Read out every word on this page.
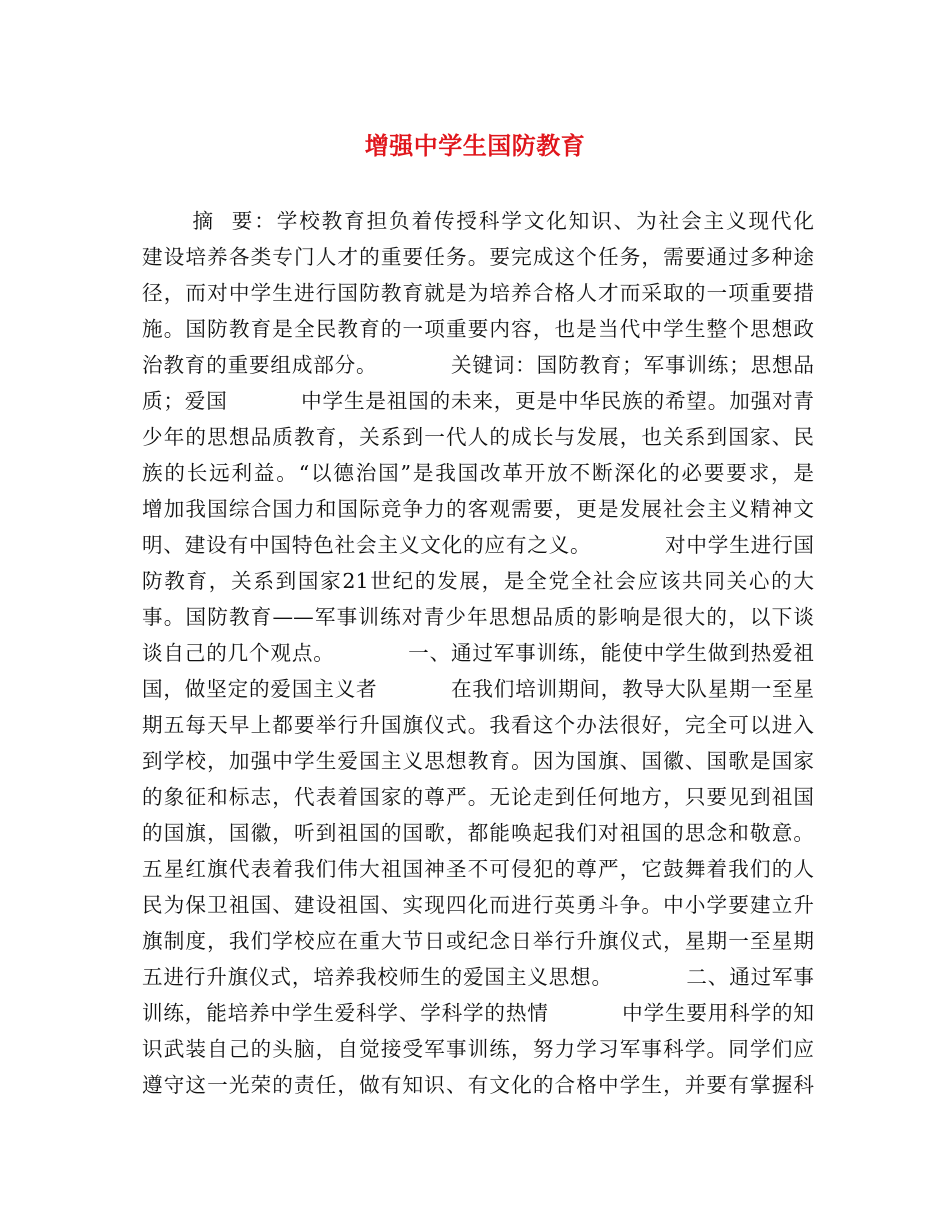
增强中学生国防教育
摘  要：学校教育担负着传授科学文化知识、为社会主义现代化
建设培养各类专门人才的重要任务。要完成这个任务，需要通过多种途
径，而对中学生进行国防教育就是为培养合格人才而采取的一项重要措
施。国防教育是全民教育的一项重要内容，也是当代中学生整个思想政
治教育的重要组成部分。          关键词：国防教育；军事训练；思想品
质；爱国          中学生是祖国的未来，更是中华民族的希望。加强对青
少年的思想品质教育，关系到一代人的成长与发展，也关系到国家、民
族的长远利益。“以德治国”是我国改革开放不断深化的必要要求，是
增加我国综合国力和国际竞争力的客观需要，更是发展社会主义精神文
明、建设有中国特色社会主义文化的应有之义。          对中学生进行国
防教育，关系到国家21世纪的发展，是全党全社会应该共同关心的大
事。国防教育——军事训练对青少年思想品质的影响是很大的，以下谈
谈自己的几个观点。          一、通过军事训练，能使中学生做到热爱祖
国，做坚定的爱国主义者          在我们培训期间，教导大队星期一至星
期五每天早上都要举行升国旗仪式。我看这个办法很好，完全可以进入
到学校，加强中学生爱国主义思想教育。因为国旗、国徽、国歌是国家
的象征和标志，代表着国家的尊严。无论走到任何地方，只要见到祖国
的国旗，国徽，听到祖国的国歌，都能唤起我们对祖国的思念和敬意。
五星红旗代表着我们伟大祖国神圣不可侵犯的尊严，它鼓舞着我们的人
民为保卫祖国、建设祖国、实现四化而进行英勇斗争。中小学要建立升
旗制度，我们学校应在重大节日或纪念日举行升旗仪式，星期一至星期
五进行升旗仪式，培养我校师生的爱国主义思想。          二、通过军事
训练，能培养中学生爱科学、学科学的热情          中学生要用科学的知
识武装自己的头脑，自觉接受军事训练，努力学习军事科学。同学们应
遵守这一光荣的责任，做有知识、有文化的合格中学生，并要有掌握科
